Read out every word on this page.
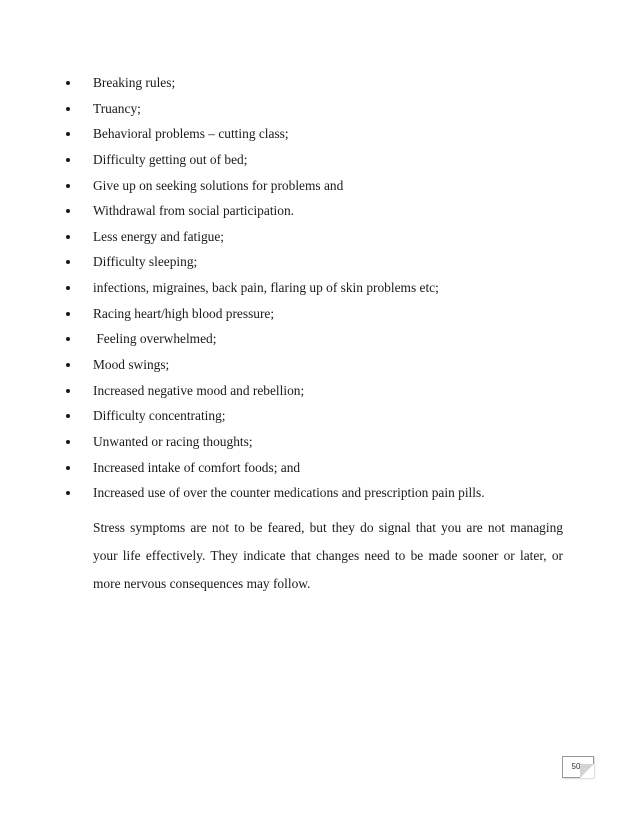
Breaking rules;
Truancy;
Behavioral problems – cutting class;
Difficulty getting out of bed;
Give up on seeking solutions for problems and
Withdrawal from social participation.
Less energy and fatigue;
Difficulty sleeping;
infections, migraines, back pain, flaring up of skin problems etc;
Racing heart/high blood pressure;
Feeling overwhelmed;
Mood swings;
Increased negative mood and rebellion;
Difficulty concentrating;
Unwanted or racing thoughts;
Increased intake of comfort foods; and
Increased use of over the counter medications and prescription pain pills.

Stress symptoms are not to be feared, but they do signal that you are not managing your life effectively. They indicate that changes need to be made sooner or later, or more nervous consequences may follow.

50
